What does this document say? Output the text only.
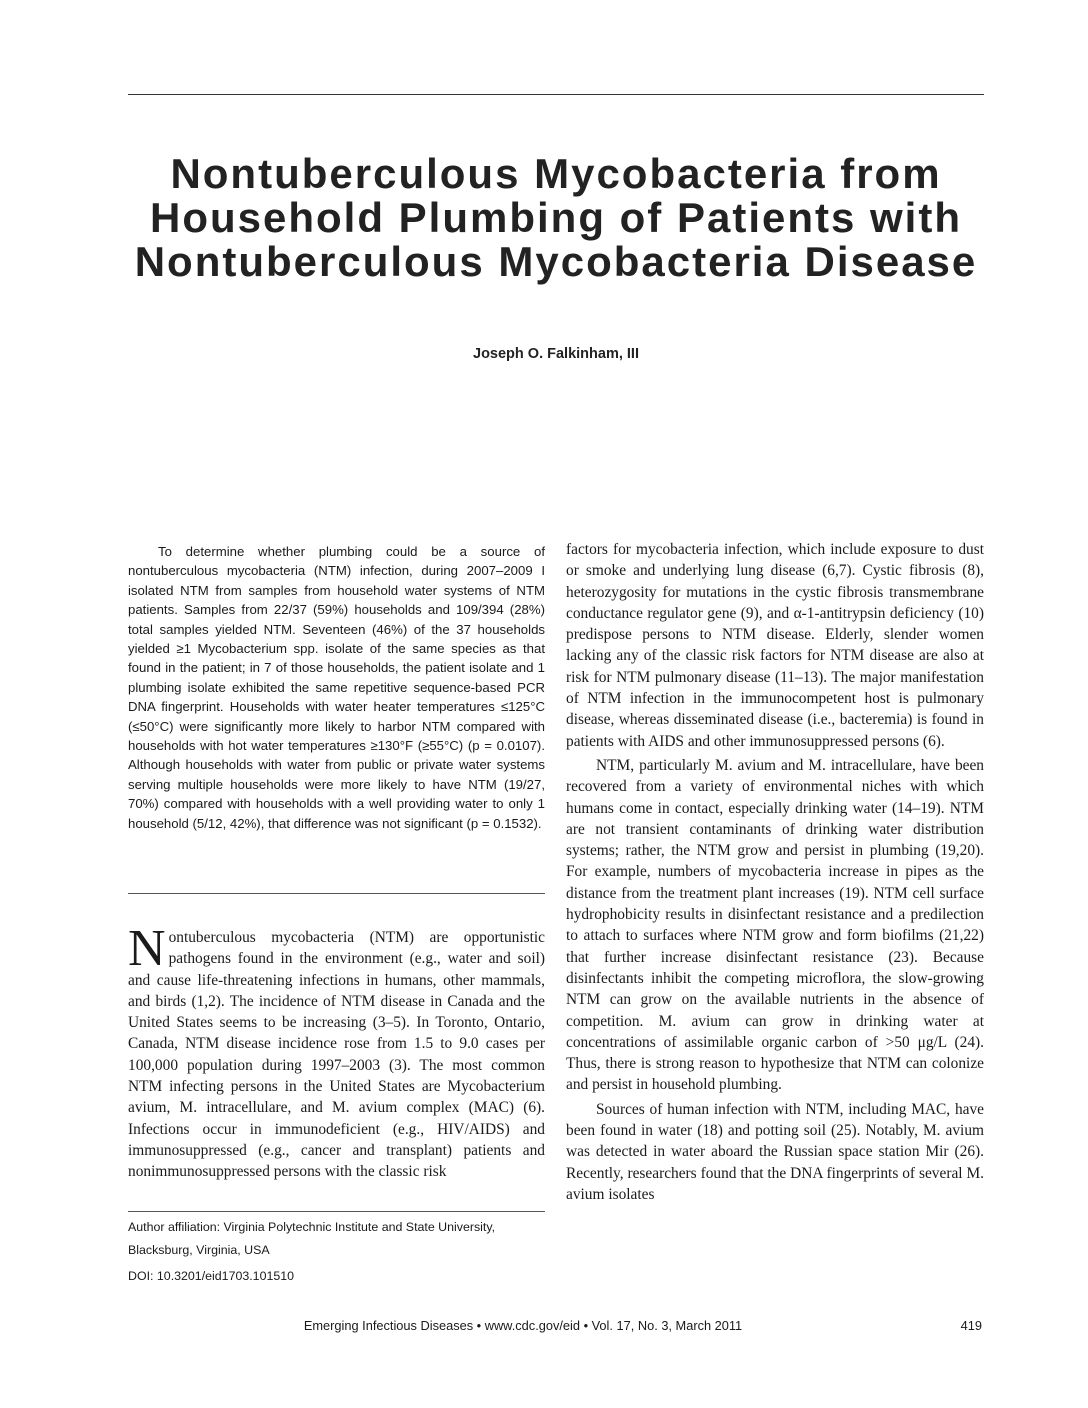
Nontuberculous Mycobacteria from Household Plumbing of Patients with Nontuberculous Mycobacteria Disease
Joseph O. Falkinham, III

To determine whether plumbing could be a source of nontuberculous mycobacteria (NTM) infection, during 2007–2009 I isolated NTM from samples from household water systems of NTM patients. Samples from 22/37 (59%) households and 109/394 (28%) total samples yielded NTM. Seventeen (46%) of the 37 households yielded ≥1 Mycobacterium spp. isolate of the same species as that found in the patient; in 7 of those households, the patient isolate and 1 plumbing isolate exhibited the same repetitive sequence-based PCR DNA fingerprint. Households with water heater temperatures ≤125°C (≤50°C) were significantly more likely to harbor NTM compared with households with hot water temperatures ≥130°F (≥55°C) (p = 0.0107). Although households with water from public or private water systems serving multiple households were more likely to have NTM (19/27, 70%) compared with households with a well providing water to only 1 household (5/12, 42%), that difference was not significant (p = 0.1532).

Nontuberculous mycobacteria (NTM) are opportunistic pathogens found in the environment (e.g., water and soil) and cause life-threatening infections in humans, other mammals, and birds (1,2). The incidence of NTM disease in Canada and the United States seems to be increasing (3–5). In Toronto, Ontario, Canada, NTM disease incidence rose from 1.5 to 9.0 cases per 100,000 population during 1997–2003 (3). The most common NTM infecting persons in the United States are Mycobacterium avium, M. intracellulare, and M. avium complex (MAC) (6). Infections occur in immunodeficient (e.g., HIV/AIDS) and immunosuppressed (e.g., cancer and transplant) patients and nonimmunosuppressed persons with the classic risk

Author affiliation: Virginia Polytechnic Institute and State University, Blacksburg, Virginia, USA

DOI: 10.3201/eid1703.101510

factors for mycobacteria infection, which include exposure to dust or smoke and underlying lung disease (6,7). Cystic fibrosis (8), heterozygosity for mutations in the cystic fibrosis transmembrane conductance regulator gene (9), and α-1-antitrypsin deficiency (10) predispose persons to NTM disease. Elderly, slender women lacking any of the classic risk factors for NTM disease are also at risk for NTM pulmonary disease (11–13). The major manifestation of NTM infection in the immunocompetent host is pulmonary disease, whereas disseminated disease (i.e., bacteremia) is found in patients with AIDS and other immunosuppressed persons (6).

NTM, particularly M. avium and M. intracellulare, have been recovered from a variety of environmental niches with which humans come in contact, especially drinking water (14–19). NTM are not transient contaminants of drinking water distribution systems; rather, the NTM grow and persist in plumbing (19,20). For example, numbers of mycobacteria increase in pipes as the distance from the treatment plant increases (19). NTM cell surface hydrophobicity results in disinfectant resistance and a predilection to attach to surfaces where NTM grow and form biofilms (21,22) that further increase disinfectant resistance (23). Because disinfectants inhibit the competing microflora, the slow-growing NTM can grow on the available nutrients in the absence of competition. M. avium can grow in drinking water at concentrations of assimilable organic carbon of >50 μg/L (24). Thus, there is strong reason to hypothesize that NTM can colonize and persist in household plumbing.

Sources of human infection with NTM, including MAC, have been found in water (18) and potting soil (25). Notably, M. avium was detected in water aboard the Russian space station Mir (26). Recently, researchers found that the DNA fingerprints of several M. avium isolates

Emerging Infectious Diseases • www.cdc.gov/eid • Vol. 17, No. 3, March 2011	419
